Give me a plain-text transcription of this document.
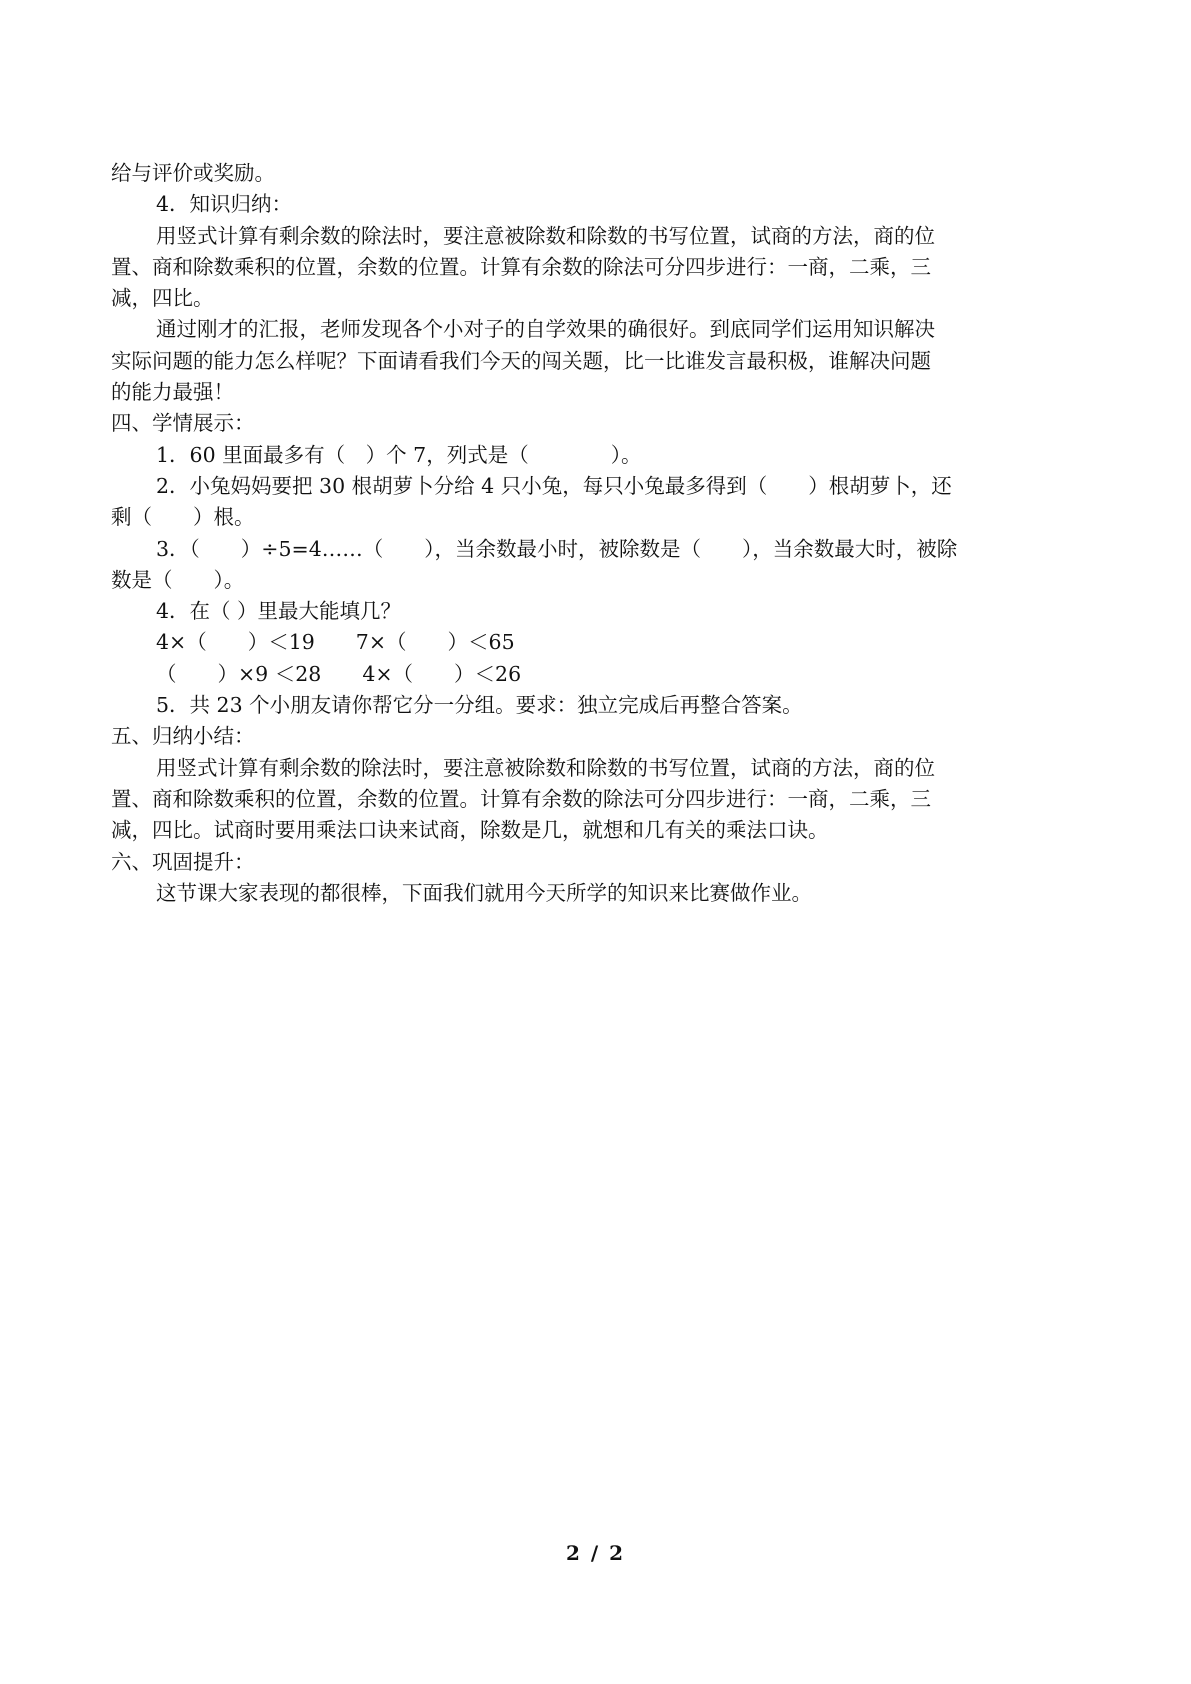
给与评价或奖励。
4．知识归纳：
用竖式计算有剩余数的除法时，要注意被除数和除数的书写位置，试商的方法，商的位
置、商和除数乘积的位置，余数的位置。计算有余数的除法可分四步进行：一商，二乘，三
减，四比。
通过刚才的汇报，老师发现各个小对子的自学效果的确很好。到底同学们运用知识解决
实际问题的能力怎么样呢？下面请看我们今天的闯关题，比一比谁发言最积极，谁解决问题
的能力最强！
四、学情展示：
1．60 里面最多有（　）个 7，列式是（　　　　）。
2．小兔妈妈要把 30 根胡萝卜分给 4 只小兔，每只小兔最多得到（　　）根胡萝卜，还
剩（　　）根。
3．（　　）÷5=4……（　　），当余数最小时，被除数是（　　），当余数最大时，被除
数是（　　）。
4．在（ ）里最大能填几？
4×（　　）＜19　　7×（　　）＜65
（　　）×9 ＜28　　4×（　　）＜26
5．共 23 个小朋友请你帮它分一分组。要求：独立完成后再整合答案。
五、归纳小结：
用竖式计算有剩余数的除法时，要注意被除数和除数的书写位置，试商的方法，商的位
置、商和除数乘积的位置，余数的位置。计算有余数的除法可分四步进行：一商，二乘，三
减，四比。试商时要用乘法口诀来试商，除数是几，就想和几有关的乘法口诀。
六、巩固提升：
这节课大家表现的都很棒，下面我们就用今天所学的知识来比赛做作业。
2 / 2
